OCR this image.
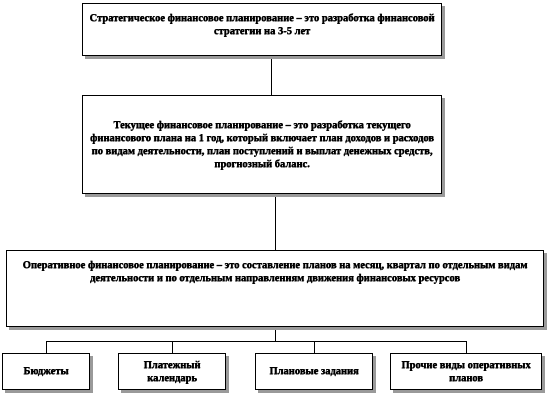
Стратегическое финансовое планирование – это разработка финансовой стратегии на 3-5 лет
Текущее финансовое планирование – это разработка текущего финансового плана на 1 год, который включает план доходов и расходов по видам деятельности, план поступлений и выплат денежных средств, прогнозный баланс.
Оперативное финансовое планирование – это составление планов на месяц, квартал по отдельным видам деятельности и по отдельным направлениям движения финансовых ресурсов
Бюджеты
Платежный календарь
Плановые задания
Прочие виды оперативных планов
